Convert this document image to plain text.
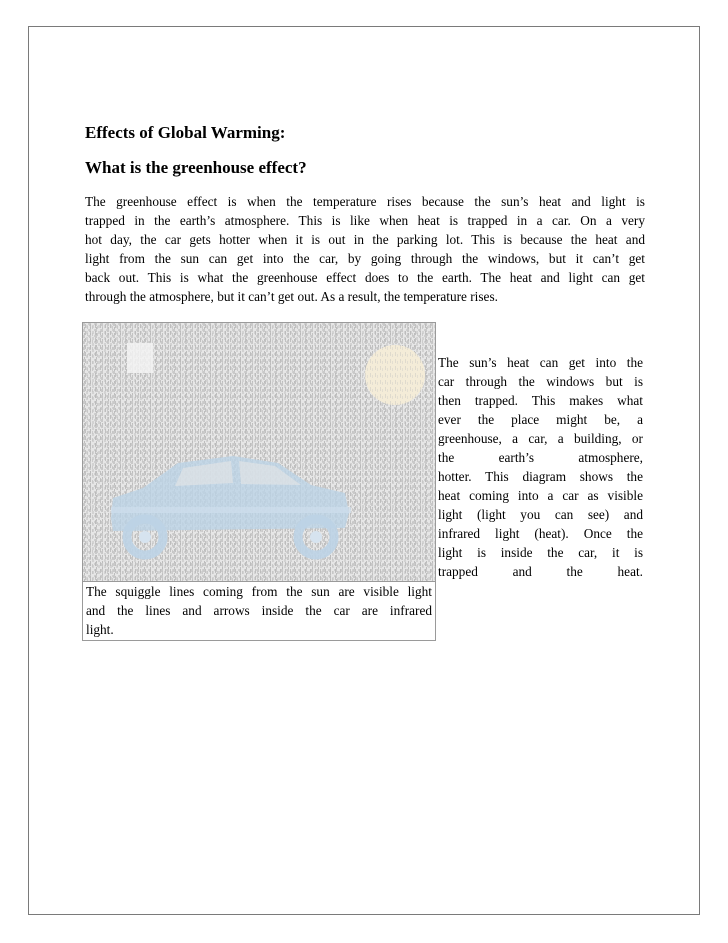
Effects of Global Warming:
What is the greenhouse effect?
The greenhouse effect is when the temperature rises because the sun’s heat and light is
trapped in the earth’s atmosphere. This is like when heat is trapped in a car. On a very
hot day, the car gets hotter when it is out in the parking lot. This is because the heat and
light from the sun can get into the car, by going through the windows, but it can’t get
back out. This is what the greenhouse effect does to the earth. The heat and light can get
through the atmosphere, but it can’t get out. As a result, the temperature rises.
The squiggle lines coming from the sun are visible light
and the lines and arrows inside the car are infrared
light.
The sun’s heat can get into the
car through the windows but is
then trapped. This makes what
ever the place might be, a
greenhouse, a car, a building, or
the earth’s atmosphere,
hotter. This diagram shows the
heat coming into a car as visible
light (light you can see) and
infrared light (heat). Once the
light is inside the car, it is
trapped and the heat.
